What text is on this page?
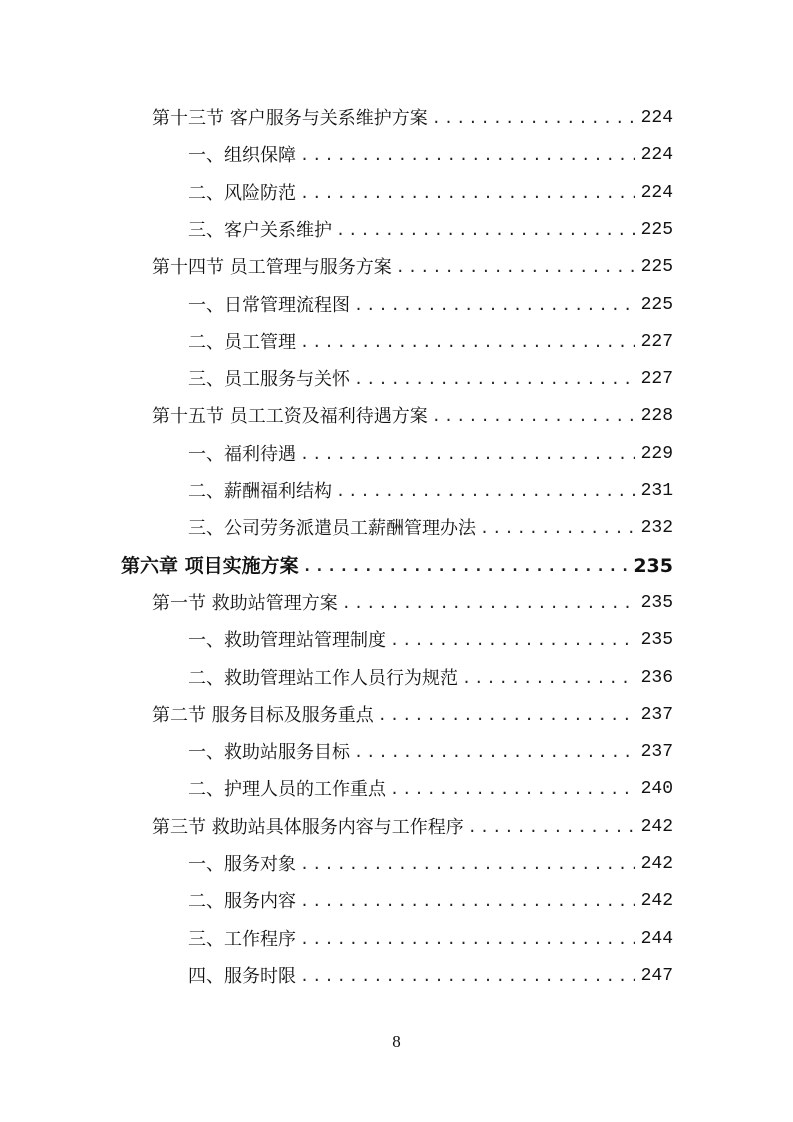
第十三节 客户服务与关系维护方案 .....	224
一、组织保障 .....	224
二、风险防范 .....	224
三、客户关系维护 .....	225
第十四节 员工管理与服务方案 .....	225
一、日常管理流程图 .....	225
二、员工管理 .....	227
三、员工服务与关怀 .....	227
第十五节 员工工资及福利待遇方案 .....	228
一、福利待遇 .....	229
二、薪酬福利结构 .....	231
三、公司劳务派遣员工薪酬管理办法 .....	232
第六章 项目实施方案 .....	235
第一节 救助站管理方案 .....	235
一、救助管理站管理制度 .....	235
二、救助管理站工作人员行为规范 .....	236
第二节 服务目标及服务重点 .....	237
一、救助站服务目标 .....	237
二、护理人员的工作重点 .....	240
第三节 救助站具体服务内容与工作程序 .....	242
一、服务对象 .....	242
二、服务内容 .....	242
三、工作程序 .....	244
四、服务时限 .....	247
8
